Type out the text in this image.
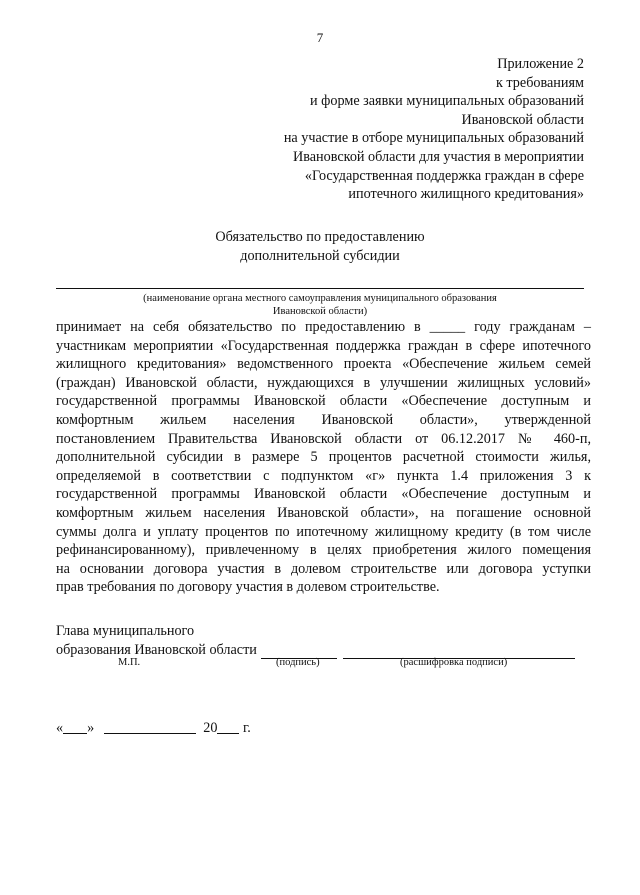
7
Приложение 2
к требованиям
и форме заявки муниципальных образований
Ивановской области
на участие в отборе муниципальных образований
Ивановской области для участия в мероприятии
«Государственная поддержка граждан в сфере
ипотечного жилищного кредитования»
Обязательство по предоставлению
дополнительной субсидии
(наименование органа местного самоуправления муниципального образования
Ивановской области)
принимает на себя обязательство по предоставлению в _____ году гражданам –
участникам мероприятии «Государственная поддержка граждан в сфере ипотечного
жилищного кредитования» ведомственного проекта «Обеспечение жильем семей
(граждан) Ивановской области, нуждающихся в улучшении жилищных условий»
государственной программы Ивановской области «Обеспечение доступным и
комфортным жильем населения Ивановской области», утвержденной
постановлением Правительства Ивановской области от 06.12.2017 № 460-п,
дополнительной субсидии в размере 5 процентов расчетной стоимости жилья,
определяемой в соответствии с подпунктом «г» пункта 1.4 приложения 3 к
государственной программы Ивановской области «Обеспечение доступным и
комфортным жильем населения Ивановской области», на погашение основной
суммы долга и уплату процентов по ипотечному жилищному кредиту (в том числе
рефинансированному), привлеченному в целях приобретения жилого помещения
на основании договора участия в долевом строительстве или договора уступки
прав требования по договору участия в долевом строительстве.
Глава муниципального
образования Ивановской области
М.П.	(подпись)	(расшифровка подписи)
« »	20 г.
